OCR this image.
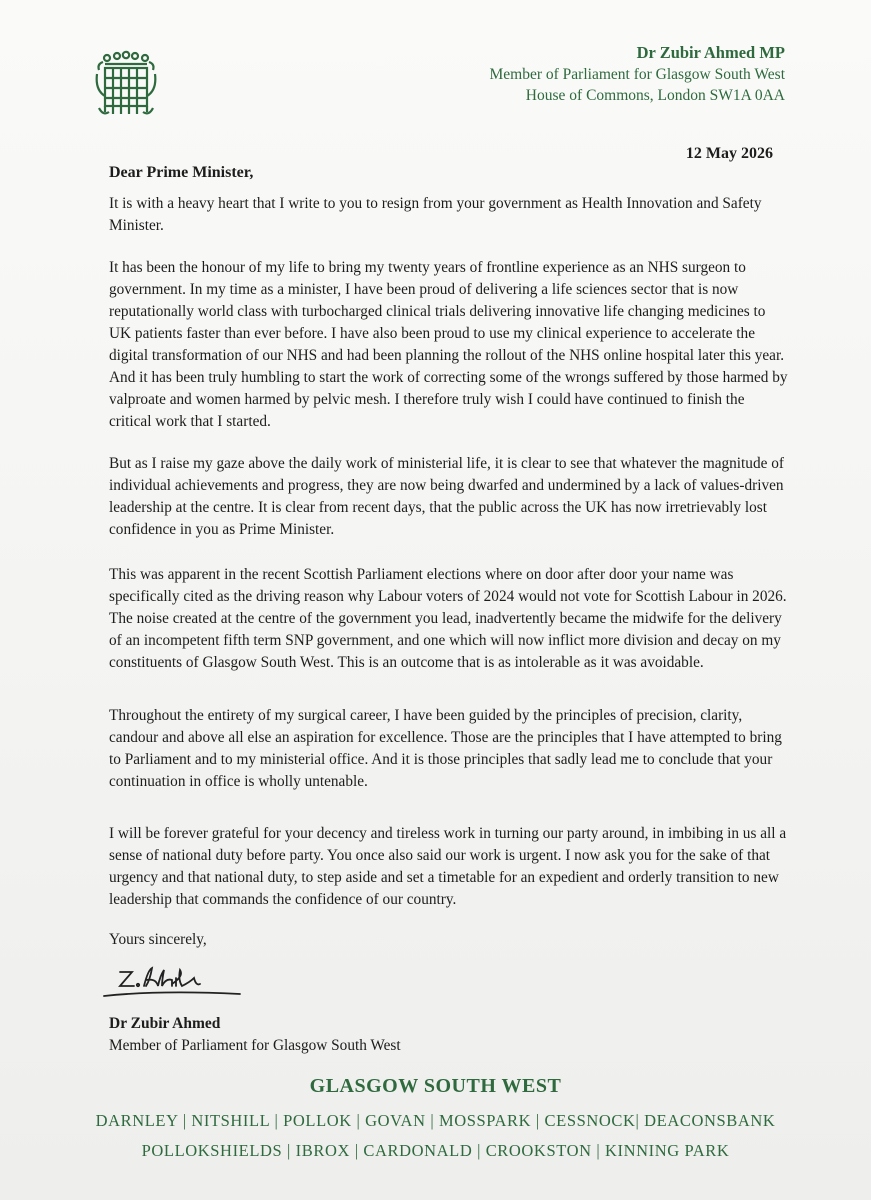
Dr Zubir Ahmed MP
Member of Parliament for Glasgow South West
House of Commons, London SW1A 0AA
12 May 2026
Dear Prime Minister,

It is with a heavy heart that I write to you to resign from your government as Health Innovation and Safety Minister.

It has been the honour of my life to bring my twenty years of frontline experience as an NHS surgeon to government. In my time as a minister, I have been proud of delivering a life sciences sector that is now reputationally world class with turbocharged clinical trials delivering innovative life changing medicines to UK patients faster than ever before. I have also been proud to use my clinical experience to accelerate the digital transformation of our NHS and had been planning the rollout of the NHS online hospital later this year. And it has been truly humbling to start the work of correcting some of the wrongs suffered by those harmed by valproate and women harmed by pelvic mesh. I therefore truly wish I could have continued to finish the critical work that I started.

But as I raise my gaze above the daily work of ministerial life, it is clear to see that whatever the magnitude of individual achievements and progress, they are now being dwarfed and undermined by a lack of values-driven leadership at the centre. It is clear from recent days, that the public across the UK has now irretrievably lost confidence in you as Prime Minister.

This was apparent in the recent Scottish Parliament elections where on door after door your name was specifically cited as the driving reason why Labour voters of 2024 would not vote for Scottish Labour in 2026. The noise created at the centre of the government you lead, inadvertently became the midwife for the delivery of an incompetent fifth term SNP government, and one which will now inflict more division and decay on my constituents of Glasgow South West. This is an outcome that is as intolerable as it was avoidable.

Throughout the entirety of my surgical career, I have been guided by the principles of precision, clarity, candour and above all else an aspiration for excellence. Those are the principles that I have attempted to bring to Parliament and to my ministerial office. And it is those principles that sadly lead me to conclude that your continuation in office is wholly untenable.

I will be forever grateful for your decency and tireless work in turning our party around, in imbibing in us all a sense of national duty before party. You once also said our work is urgent. I now ask you for the sake of that urgency and that national duty, to step aside and set a timetable for an expedient and orderly transition to new leadership that commands the confidence of our country.

Yours sincerely,
Dr Zubir Ahmed
Member of Parliament for Glasgow South West
GLASGOW SOUTH WEST
DARNLEY | NITSHILL | POLLOK | GOVAN | MOSSPARK | CESSNOCK| DEACONSBANK
POLLOKSHIELDS | IBROX | CARDONALD | CROOKSTON | KINNING PARK
